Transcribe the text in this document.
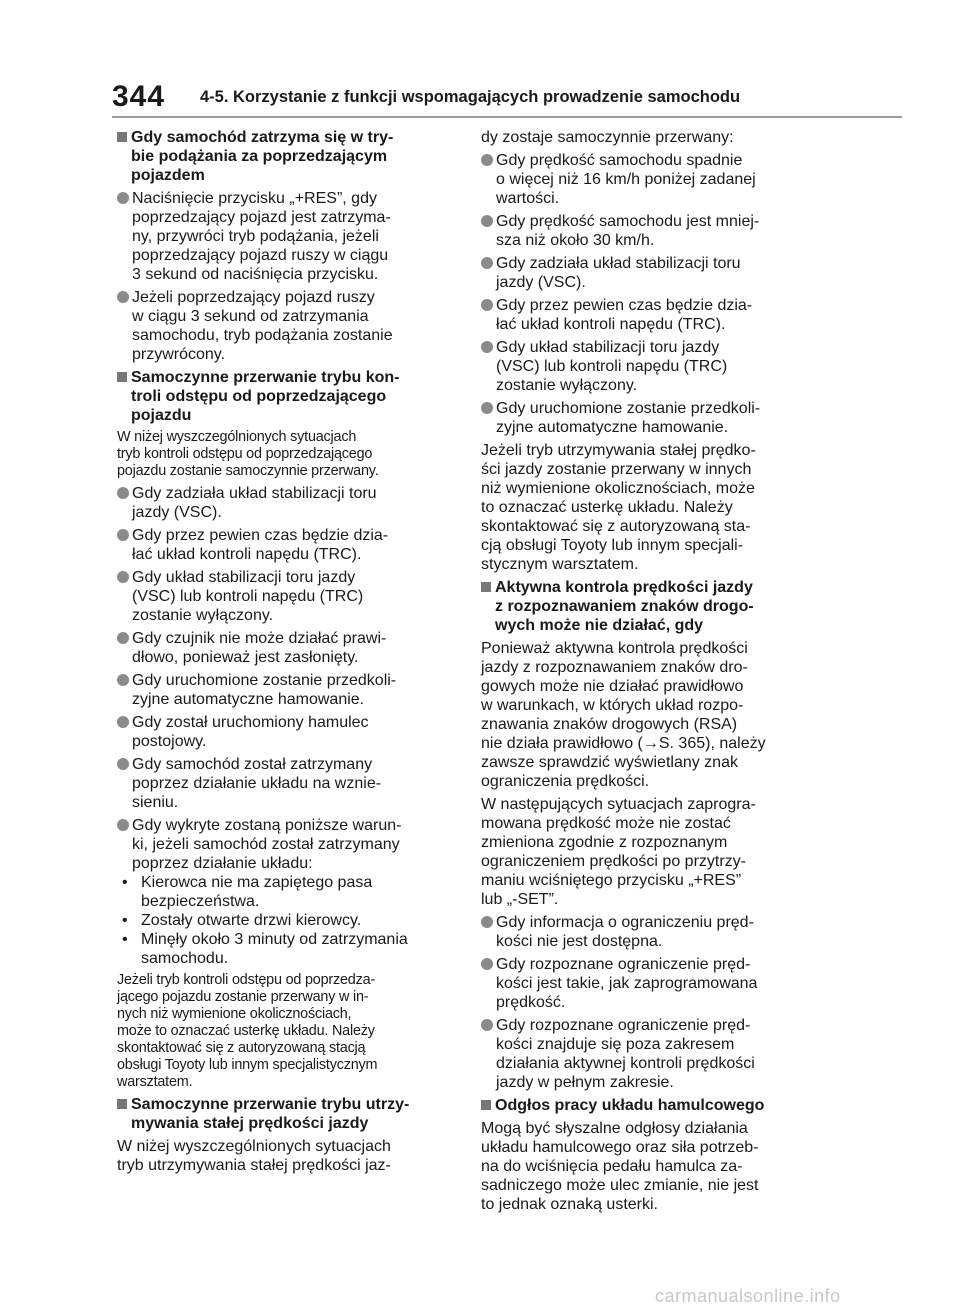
344 4-5. Korzystanie z funkcji wspomagających prowadzenie samochodu
Gdy samochód zatrzyma się w try-
bie podążania za poprzedzającym
pojazdem
Naciśnięcie przycisku „+RES”, gdy
poprzedzający pojazd jest zatrzyma-
ny, przywróci tryb podążania, jeżeli
poprzedzający pojazd ruszy w ciągu
3 sekund od naciśnięcia przycisku.
Jeżeli poprzedzający pojazd ruszy
w ciągu 3 sekund od zatrzymania
samochodu, tryb podążania zostanie
przywrócony.
Samoczynne przerwanie trybu kon-
troli odstępu od poprzedzającego
pojazdu
W niżej wyszczególnionych sytuacjach
tryb kontroli odstępu od poprzedzającego
pojazdu zostanie samoczynnie przerwany.
Gdy zadziała układ stabilizacji toru
jazdy (VSC).
Gdy przez pewien czas będzie dzia-
łać układ kontroli napędu (TRC).
Gdy układ stabilizacji toru jazdy
(VSC) lub kontroli napędu (TRC)
zostanie wyłączony.
Gdy czujnik nie może działać prawi-
dłowo, ponieważ jest zasłonięty.
Gdy uruchomione zostanie przedkoli-
zyjne automatyczne hamowanie.
Gdy został uruchomiony hamulec
postojowy.
Gdy samochód został zatrzymany
poprzez działanie układu na wznie-
sieniu.
Gdy wykryte zostaną poniższe warun-
ki, jeżeli samochód został zatrzymany
poprzez działanie układu:
• Kierowca nie ma zapiętego pasa
bezpieczeństwa.
• Zostały otwarte drzwi kierowcy.
• Minęły około 3 minuty od zatrzymania
samochodu.
Jeżeli tryb kontroli odstępu od poprzedza-
jącego pojazdu zostanie przerwany w in-
nych niż wymienione okolicznościach,
może to oznaczać usterkę układu. Należy
skontaktować się z autoryzowaną stacją
obsługi Toyoty lub innym specjalistycznym
warsztatem.
Samoczynne przerwanie trybu utrzy-
mywania stałej prędkości jazdy
W niżej wyszczególnionych sytuacjach
tryb utrzymywania stałej prędkości jaz-
dy zostaje samoczynnie przerwany:
Gdy prędkość samochodu spadnie
o więcej niż 16 km/h poniżej zadanej
wartości.
Gdy prędkość samochodu jest mniej-
sza niż około 30 km/h.
Gdy zadziała układ stabilizacji toru
jazdy (VSC).
Gdy przez pewien czas będzie dzia-
łać układ kontroli napędu (TRC).
Gdy układ stabilizacji toru jazdy
(VSC) lub kontroli napędu (TRC)
zostanie wyłączony.
Gdy uruchomione zostanie przedkoli-
zyjne automatyczne hamowanie.
Jeżeli tryb utrzymywania stałej prędko-
ści jazdy zostanie przerwany w innych
niż wymienione okolicznościach, może
to oznaczać usterkę układu. Należy
skontaktować się z autoryzowaną sta-
cją obsługi Toyoty lub innym specjali-
stycznym warsztatem.
Aktywna kontrola prędkości jazdy
z rozpoznawaniem znaków drogo-
wych może nie działać, gdy
Ponieważ aktywna kontrola prędkości
jazdy z rozpoznawaniem znaków dro-
gowych może nie działać prawidłowo
w warunkach, w których układ rozpo-
znawania znaków drogowych (RSA)
nie działa prawidłowo (→S. 365), należy
zawsze sprawdzić wyświetlany znak
ograniczenia prędkości.
W następujących sytuacjach zaprogra-
mowana prędkość może nie zostać
zmieniona zgodnie z rozpoznanym
ograniczeniem prędkości po przytrzy-
maniu wciśniętego przycisku „+RES”
lub „-SET”.
Gdy informacja o ograniczeniu pręd-
kości nie jest dostępna.
Gdy rozpoznane ograniczenie pręd-
kości jest takie, jak zaprogramowana
prędkość.
Gdy rozpoznane ograniczenie pręd-
kości znajduje się poza zakresem
działania aktywnej kontroli prędkości
jazdy w pełnym zakresie.
Odgłos pracy układu hamulcowego
Mogą być słyszalne odgłosy działania
układu hamulcowego oraz siła potrzeb-
na do wciśnięcia pedału hamulca za-
sadniczego może ulec zmianie, nie jest
to jednak oznaką usterki.
carmanualsonline.info
